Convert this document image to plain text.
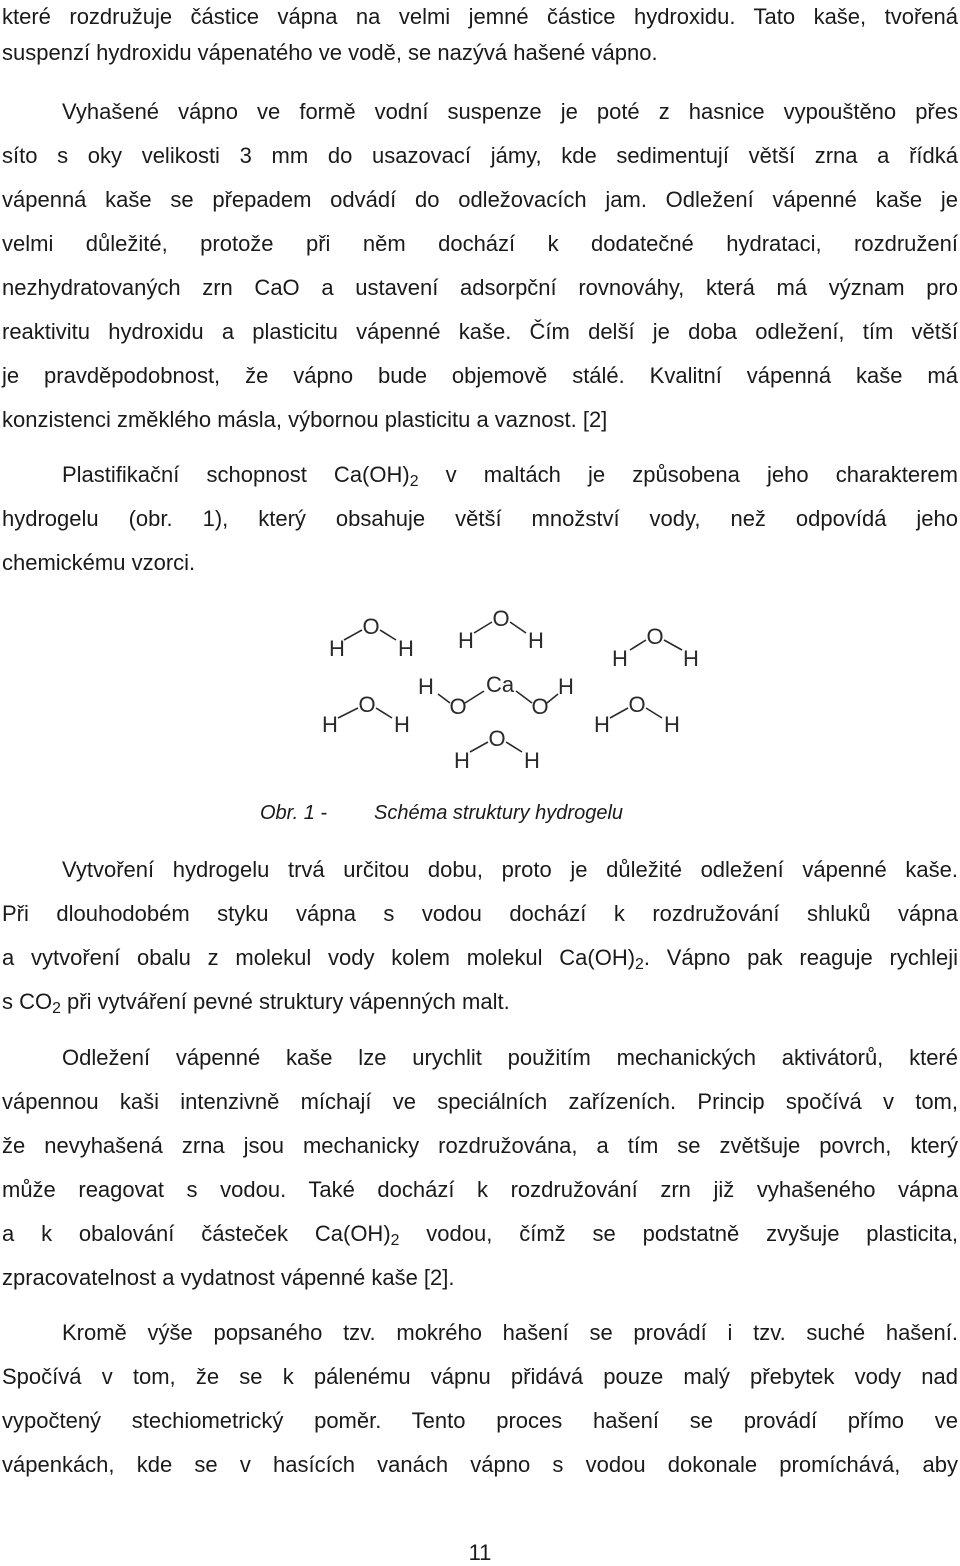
které rozdružuje částice vápna na velmi jemné částice hydroxidu. Tato kaše, tvořená
suspenzí hydroxidu vápenatého ve vodě, se nazývá hašené vápno.
Vyhašené vápno ve formě vodní suspenze je poté z hasnice vypouštěno přes
síto s oky velikosti 3 mm do usazovací jámy, kde sedimentují větší zrna a řídká
vápenná kaše se přepadem odvádí do odležovacích jam. Odležení vápenné kaše je
velmi důležité, protože při něm dochází k dodatečné hydrataci, rozdružení
nezhydratovaných zrn CaO a ustavení adsorpční rovnováhy, která má význam pro
reaktivitu hydroxidu a plasticitu vápenné kaše. Čím delší je doba odležení, tím větší
je pravděpodobnost, že vápno bude objemově stálé. Kvalitní vápenná kaše má
konzistenci změklého másla, výbornou plasticitu a vaznost. [2]
Plastifikační schopnost $Ca(OH)_2$ v maltách je způsobena jeho charakterem
hydrogelu (obr. 1), který obsahuje větší množství vody, než odpovídá jeho
chemickému vzorci.
H
O
H H
O
H
H
O
H
H
O
H
H
O
Ca
O
H
H
O
H
H
O
H
Obr. 1 - Schéma struktury hydrogelu
Vytvoření hydrogelu trvá určitou dobu, proto je důležité odležení vápenné kaše.
Při dlouhodobém styku vápna s vodou dochází k rozdružování shluků vápna
a vytvoření obalu z molekul vody kolem molekul $Ca(OH)_2$. Vápno pak reaguje rychleji
s $CO_2$ při vytváření pevné struktury vápenných malt.
Odležení vápenné kaše lze urychlit použitím mechanických aktivátorů, které
vápennou kaši intenzivně míchají ve speciálních zařízeních. Princip spočívá v tom,
že nevyhašená zrna jsou mechanicky rozdružována, a tím se zvětšuje povrch, který
může reagovat s vodou. Také dochází k rozdružování zrn již vyhašeného vápna
a k obalování částeček $Ca(OH)_2$ vodou, čímž se podstatně zvyšuje plasticita,
zpracovatelnost a vydatnost vápenné kaše [2].
Kromě výše popsaného tzv. mokrého hašení se provádí i tzv. suché hašení.
Spočívá v tom, že se k pálenému vápnu přidává pouze malý přebytek vody nad
vypočtený stechiometrický poměr. Tento proces hašení se provádí přímo ve
vápenkách, kde se v hasících vanách vápno s vodou dokonale promíchává, aby
11
